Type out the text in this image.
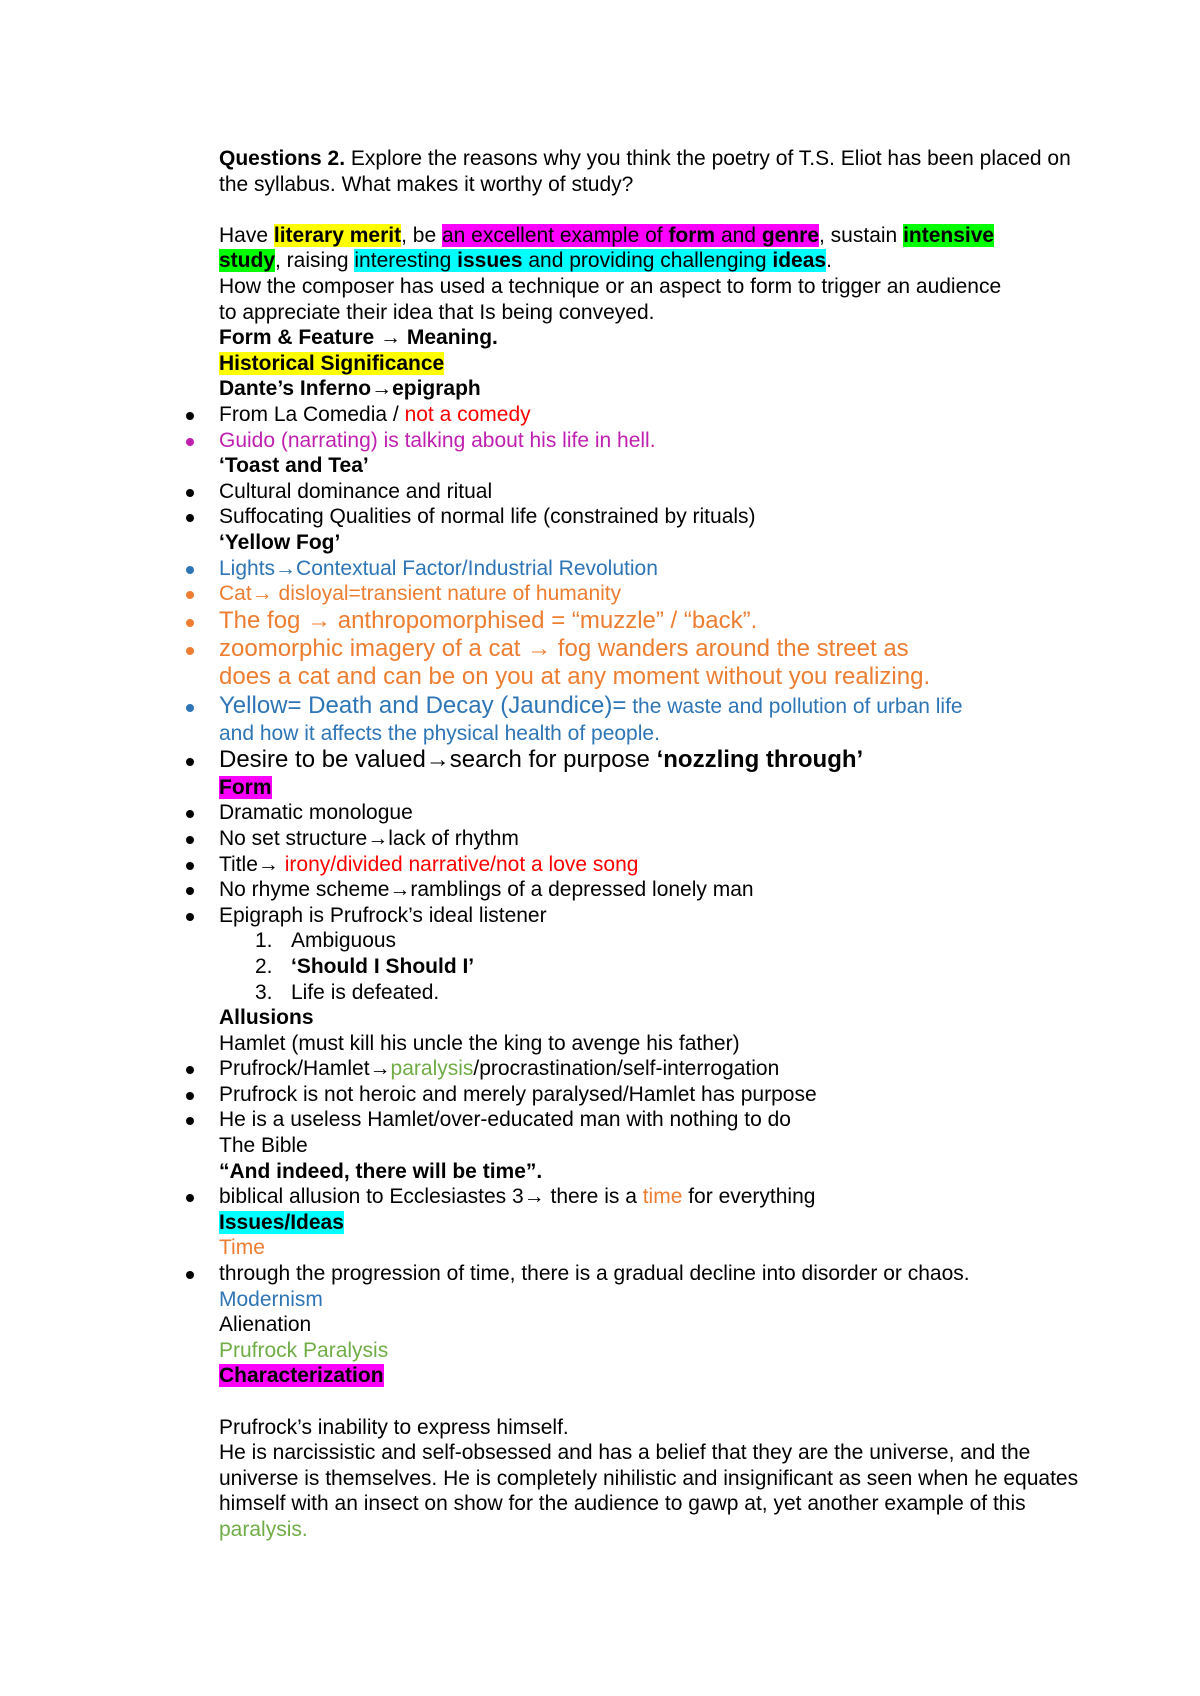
Questions 2. Explore the reasons why you think the poetry of T.S. Eliot has been placed on the syllabus. What makes it worthy of study?
Have literary merit, be an excellent example of form and genre, sustain intensive
study, raising interesting issues and providing challenging ideas.
How the composer has used a technique or an aspect to form to trigger an audience
to appreciate their idea that Is being conveyed.
Form & Feature → Meaning.
Historical Significance
Dante’s Inferno→epigraph
From La Comedia / not a comedy
Guido (narrating) is talking about his life in hell.
‘Toast and Tea’
Cultural dominance and ritual
Suffocating Qualities of normal life (constrained by rituals)
‘Yellow Fog’
Lights→Contextual Factor/Industrial Revolution
Cat→ disloyal=transient nature of humanity
The fog → anthropomorphised = “muzzle” / “back”.
zoomorphic imagery of a cat → fog wanders around the street as
does a cat and can be on you at any moment without you realizing.
Yellow= Death and Decay (Jaundice)= the waste and pollution of urban life
and how it affects the physical health of people.
Desire to be valued→search for purpose ‘nozzling through’
Form
Dramatic monologue
No set structure→lack of rhythm
Title→ irony/divided narrative/not a love song
No rhyme scheme→ramblings of a depressed lonely man
Epigraph is Prufrock’s ideal listener
1. Ambiguous
2. ‘Should I Should I’
3. Life is defeated.
Allusions
Hamlet (must kill his uncle the king to avenge his father)
Prufrock/Hamlet→paralysis/procrastination/self-interrogation
Prufrock is not heroic and merely paralysed/Hamlet has purpose
He is a useless Hamlet/over-educated man with nothing to do
The Bible
“And indeed, there will be time”.
biblical allusion to Ecclesiastes 3→ there is a time for everything
Issues/Ideas
Time
through the progression of time, there is a gradual decline into disorder or chaos.
Modernism
Alienation
Prufrock Paralysis
Characterization
Prufrock’s inability to express himself.
He is narcissistic and self-obsessed and has a belief that they are the universe, and the universe is themselves. He is completely nihilistic and insignificant as seen when he equates himself with an insect on show for the audience to gawp at, yet another example of this paralysis.
